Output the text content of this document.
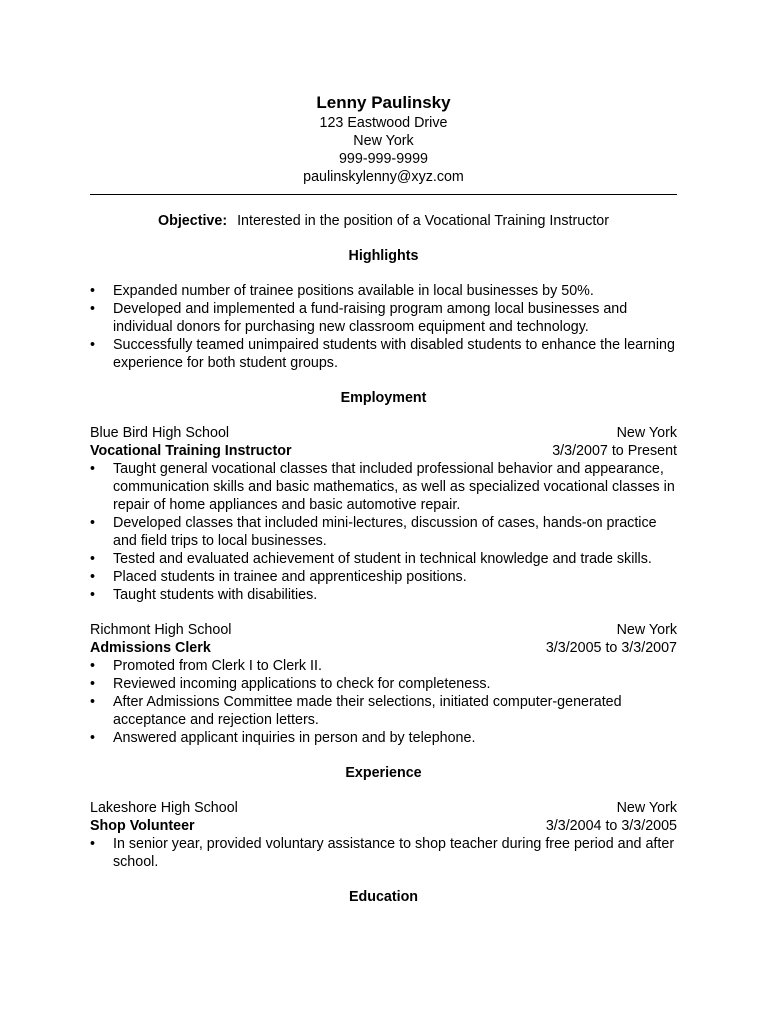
Lenny Paulinsky
123 Eastwood Drive
New York
999-999-9999
paulinskylenny@xyz.com
Objective: Interested in the position of a Vocational Training Instructor
Highlights
• Expanded number of trainee positions available in local businesses by 50%.
• Developed and implemented a fund-raising program among local businesses and individual donors for purchasing new classroom equipment and technology.
• Successfully teamed unimpaired students with disabled students to enhance the learning experience for both student groups.
Employment
Blue Bird High School	New York
Vocational Training Instructor	3/3/2007 to Present
• Taught general vocational classes that included professional behavior and appearance, communication skills and basic mathematics, as well as specialized vocational classes in repair of home appliances and basic automotive repair.
• Developed classes that included mini-lectures, discussion of cases, hands-on practice and field trips to local businesses.
• Tested and evaluated achievement of student in technical knowledge and trade skills.
• Placed students in trainee and apprenticeship positions.
• Taught students with disabilities.
Richmont High School	New York
Admissions Clerk	3/3/2005 to 3/3/2007
• Promoted from Clerk I to Clerk II.
• Reviewed incoming applications to check for completeness.
• After Admissions Committee made their selections, initiated computer-generated acceptance and rejection letters.
• Answered applicant inquiries in person and by telephone.
Experience
Lakeshore High School	New York
Shop Volunteer	3/3/2004 to 3/3/2005
• In senior year, provided voluntary assistance to shop teacher during free period and after school.
Education
